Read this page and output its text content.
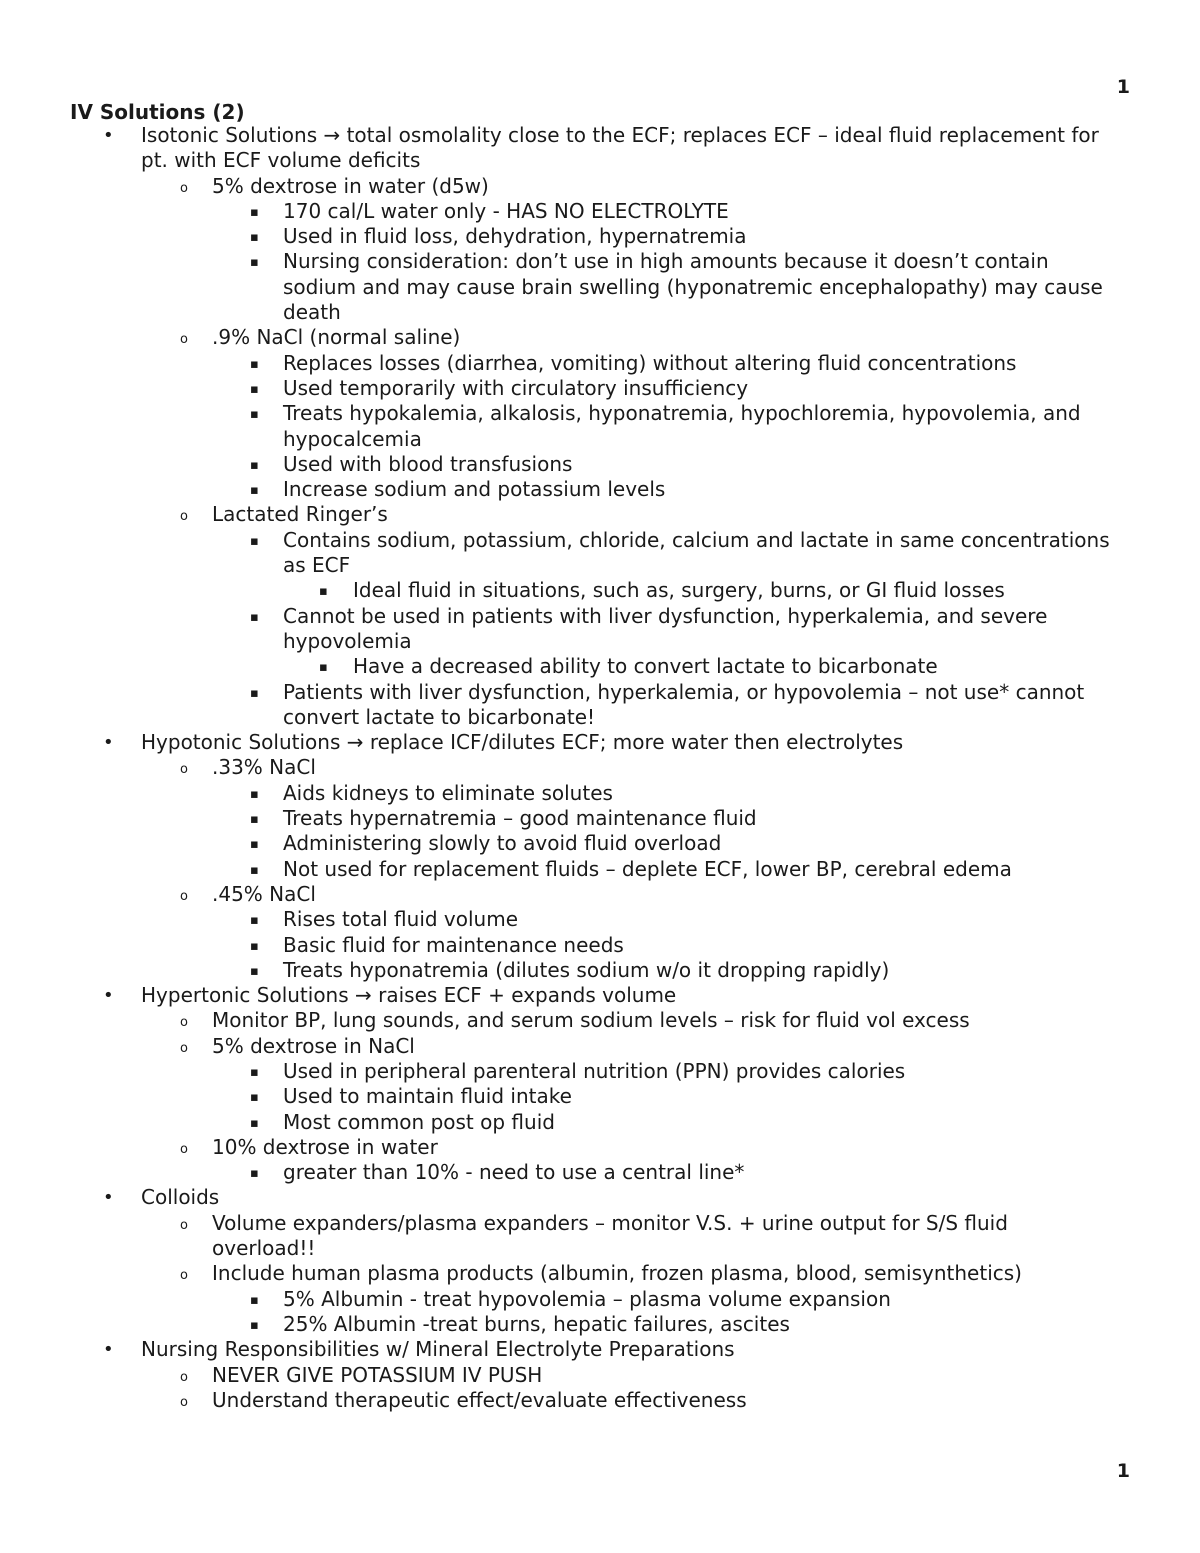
1
IV Solutions (2)
• Isotonic Solutions → total osmolality close to the ECF; replaces ECF – ideal fluid replacement for pt. with ECF volume deficits
o 5% dextrose in water (d5w)
▪ 170 cal/L water only - HAS NO ELECTROLYTE
▪ Used in fluid loss, dehydration, hypernatremia
▪ Nursing consideration: don’t use in high amounts because it doesn’t contain sodium and may cause brain swelling (hyponatremic encephalopathy) may cause death
o .9% NaCl (normal saline)
▪ Replaces losses (diarrhea, vomiting) without altering fluid concentrations
▪ Used temporarily with circulatory insufficiency
▪ Treats hypokalemia, alkalosis, hyponatremia, hypochloremia, hypovolemia, and hypocalcemia
▪ Used with blood transfusions
▪ Increase sodium and potassium levels
o Lactated Ringer’s
▪ Contains sodium, potassium, chloride, calcium and lactate in same concentrations as ECF
▪ Ideal fluid in situations, such as, surgery, burns, or GI fluid losses
▪ Cannot be used in patients with liver dysfunction, hyperkalemia, and severe hypovolemia
▪ Have a decreased ability to convert lactate to bicarbonate
▪ Patients with liver dysfunction, hyperkalemia, or hypovolemia – not use* cannot convert lactate to bicarbonate!
• Hypotonic Solutions → replace ICF/dilutes ECF; more water then electrolytes
o .33% NaCl
▪ Aids kidneys to eliminate solutes
▪ Treats hypernatremia – good maintenance fluid
▪ Administering slowly to avoid fluid overload
▪ Not used for replacement fluids – deplete ECF, lower BP, cerebral edema
o .45% NaCl
▪ Rises total fluid volume
▪ Basic fluid for maintenance needs
▪ Treats hyponatremia (dilutes sodium w/o it dropping rapidly)
• Hypertonic Solutions → raises ECF + expands volume
o Monitor BP, lung sounds, and serum sodium levels – risk for fluid vol excess
o 5% dextrose in NaCl
▪ Used in peripheral parenteral nutrition (PPN) provides calories
▪ Used to maintain fluid intake
▪ Most common post op fluid
o 10% dextrose in water
▪ greater than 10% - need to use a central line*
• Colloids
o Volume expanders/plasma expanders – monitor V.S. + urine output for S/S fluid overload!!
o Include human plasma products (albumin, frozen plasma, blood, semisynthetics)
▪ 5% Albumin - treat hypovolemia – plasma volume expansion
▪ 25% Albumin -treat burns, hepatic failures, ascites
• Nursing Responsibilities w/ Mineral Electrolyte Preparations
o NEVER GIVE POTASSIUM IV PUSH
o Understand therapeutic effect/evaluate effectiveness
1
